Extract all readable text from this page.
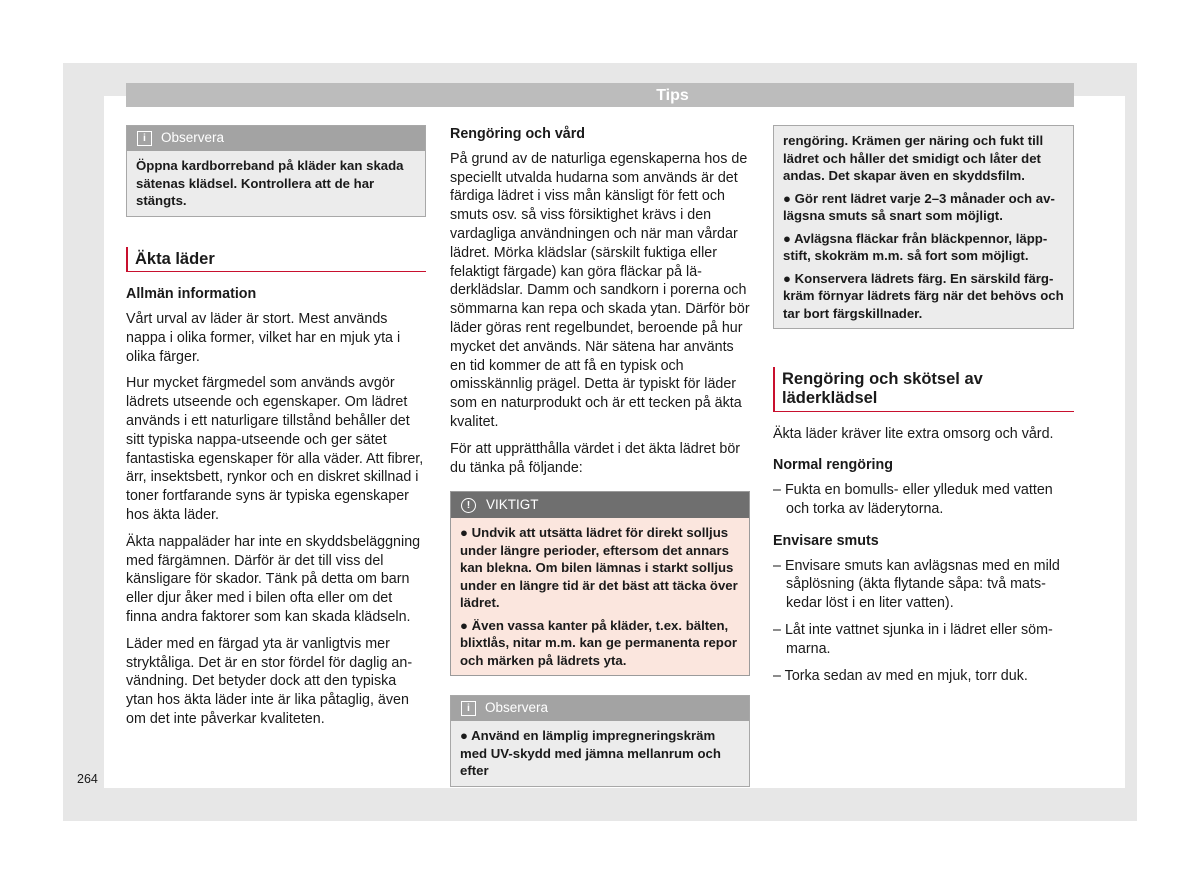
Tips
i	Observera

Öppna kardborreband på kläder kan skada sätenas klädsel. Kontrollera att de har stängts.

Äkta läder

Allmän information

Vårt urval av läder är stort. Mest används nappa i olika former, vilket har en mjuk yta i olika färger.

Hur mycket färgmedel som används avgör lädrets utseende och egenskaper. Om lädret används i ett naturligare tillstånd behåller det sitt typiska nappa-utseende och ger sätet fantastiska egenskaper för alla väder. Att fibrer, ärr, insektsbett, rynkor och en diskret skillnad i toner fortfarande syns är typiska egenskaper hos äkta läder.

Äkta nappaläder har inte en skyddsbeläggning med färgämnen. Därför är det till viss del känsligare för skador. Tänk på detta om barn eller djur åker med i bilen ofta eller om det finna andra faktorer som kan skada klädseln.

Läder med en färgad yta är vanligtvis mer stryktåliga. Det är en stor fördel för daglig användning. Det betyder dock att den typiska ytan hos äkta läder inte är lika påtaglig, även om det inte påverkar kvaliteten.

Rengöring och vård

På grund av de naturliga egenskaperna hos de speciellt utvalda hudarna som används är det färdiga lädret i viss mån känsligt för fett och smuts osv. så viss försiktighet krävs i den vardagliga användningen och när man vårdar lädret. Mörka klädslar (särskilt fuktiga eller felaktigt färgade) kan göra fläckar på läderklädslar. Damm och sandkorn i porerna och sömmarna kan repa och skada ytan. Därför bör läder göras rent regelbundet, beroende på hur mycket det används. När sätena har använts en tid kommer de att få en typisk och omisskännlig prägel. Detta är typiskt för läder som en naturprodukt och är ett tecken på äkta kvalitet.

För att upprätthålla värdet i det äkta lädret bör du tänka på följande:

!	VIKTIGT

● Undvik att utsätta lädret för direkt solljus under längre perioder, eftersom det annars kan blekna. Om bilen lämnas i starkt solljus under en längre tid är det bäst att täcka över lädret.

● Även vassa kanter på kläder, t.ex. bälten, blixtlås, nitar m.m. kan ge permanenta repor och märken på lädrets yta.

i	Observera

● Använd en lämplig impregneringskräm med UV-skydd med jämna mellanrum och efter

rengöring. Krämen ger näring och fukt till lädret och håller det smidigt och låter det andas. Det skapar även en skyddsfilm.

● Gör rent lädret varje 2–3 månader och avlägsna smuts så snart som möjligt.

● Avlägsna fläckar från bläckpennor, läppstift, skokräm m.m. så fort som möjligt.

● Konservera lädrets färg. En särskild färgkräm förnyar lädrets färg när det behövs och tar bort färgskillnader.

Rengöring och skötsel av läderklädsel

Äkta läder kräver lite extra omsorg och vård.

Normal rengöring

– Fukta en bomulls- eller ylleduk med vatten och torka av läderytorna.

Envisare smuts

– Envisare smuts kan avlägsnas med en mild såplösning (äkta flytande såpa: två matskedar löst i en liter vatten).

– Låt inte vattnet sjunka in i lädret eller sömmarna.

– Torka sedan av med en mjuk, torr duk.

264
